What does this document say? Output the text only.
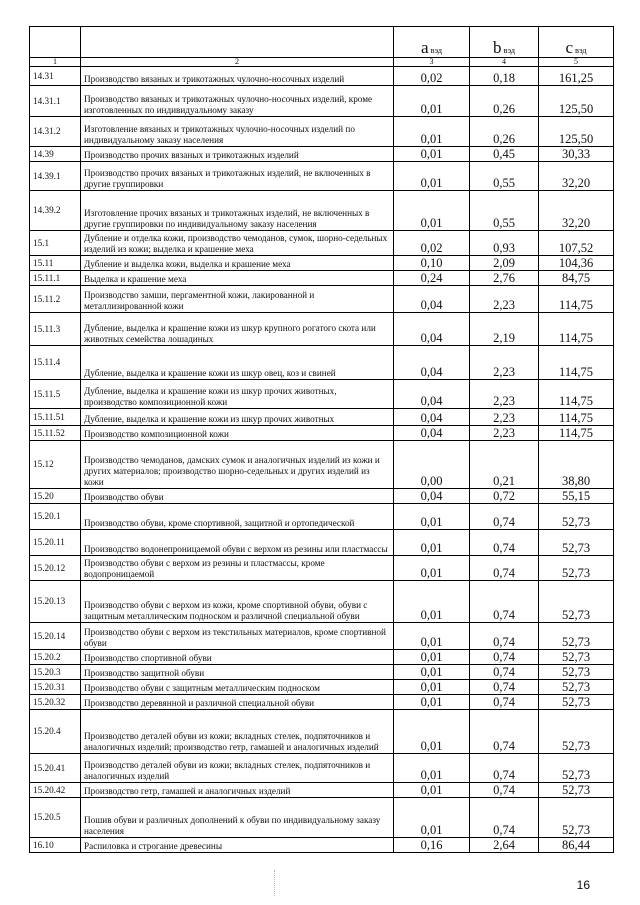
		a вэд	b вэд	c вэд
1	2	3	4	5
14.31	Производство вязаных и трикотажных чулочно-носочных изделий	0,02	0,18	161,25
14.31.1	Производство вязаных и трикотажных чулочно-носочных изделий, кроме изготовленных по индивидуальному заказу	0,01	0,26	125,50
14.31.2	Изготовление вязаных и трикотажных чулочно-носочных изделий по индивидуальному заказу населения	0,01	0,26	125,50
14.39	Производство прочих вязаных и трикотажных изделий	0,01	0,45	30,33
14.39.1	Производство прочих вязаных и трикотажных изделий, не включенных в другие группировки	0,01	0,55	32,20
14.39.2	Изготовление прочих вязаных и трикотажных изделий, не включенных в другие группировки по индивидуальному заказу населения	0,01	0,55	32,20
15.1	Дубление и отделка кожи, производство чемоданов, сумок, шорно-седельных изделий из кожи; выделка и крашение меха	0,02	0,93	107,52
15.11	Дубление и выделка кожи, выделка и крашение меха	0,10	2,09	104,36
15.11.1	Выделка и крашение меха	0,24	2,76	84,75
15.11.2	Производство замши, пергаментной кожи, лакированной и металлизированной кожи	0,04	2,23	114,75
15.11.3	Дубление, выделка и крашение кожи из шкур крупного рогатого скота или животных семейства лошадиных	0,04	2,19	114,75
15.11.4	Дубление, выделка и крашение кожи из шкур овец, коз и свиней	0,04	2,23	114,75
15.11.5	Дубление, выделка и крашение кожи из шкур прочих животных, производство композиционной кожи	0,04	2,23	114,75
15.11.51	Дубление, выделка и крашение кожи из шкур прочих животных	0,04	2,23	114,75
15.11.52	Производство композиционной кожи	0,04	2,23	114,75
15.12	Производство чемоданов, дамских сумок и аналогичных изделий из кожи и других материалов; производство шорно-седельных и других изделий из кожи	0,00	0,21	38,80
15.20	Производство обуви	0,04	0,72	55,15
15.20.1	Производство обуви, кроме спортивной, защитной и ортопедической	0,01	0,74	52,73
15.20.11	Производство водонепроницаемой обуви с верхом из резины или пластмассы	0,01	0,74	52,73
15.20.12	Производство обуви с верхом из резины и пластмассы, кроме водопроницаемой	0,01	0,74	52,73
15.20.13	Производство обуви с верхом из кожи, кроме спортивной обуви, обуви с защитным металлическим подноском и различной специальной обуви	0,01	0,74	52,73
15.20.14	Производство обуви с верхом из текстильных материалов, кроме спортивной обуви	0,01	0,74	52,73
15.20.2	Производство спортивной обуви	0,01	0,74	52,73
15.20.3	Производство защитной обуви	0,01	0,74	52,73
15.20.31	Производство обуви с защитным металлическим подноском	0,01	0,74	52,73
15.20.32	Производство деревянной и различной специальной обуви	0,01	0,74	52,73
15.20.4	Производство деталей обуви из кожи; вкладных стелек, подпяточников и аналогичных изделий; производство гетр, гамашей и аналогичных изделий	0,01	0,74	52,73
15.20.41	Производство деталей обуви из кожи; вкладных стелек, подпяточников и аналогичных изделий	0,01	0,74	52,73
15.20.42	Производство гетр, гамашей и аналогичных изделий	0,01	0,74	52,73
15.20.5	Пошив обуви и различных дополнений к обуви по индивидуальному заказу населения	0,01	0,74	52,73
16.10	Распиловка и строгание древесины	0,16	2,64	86,44
16
